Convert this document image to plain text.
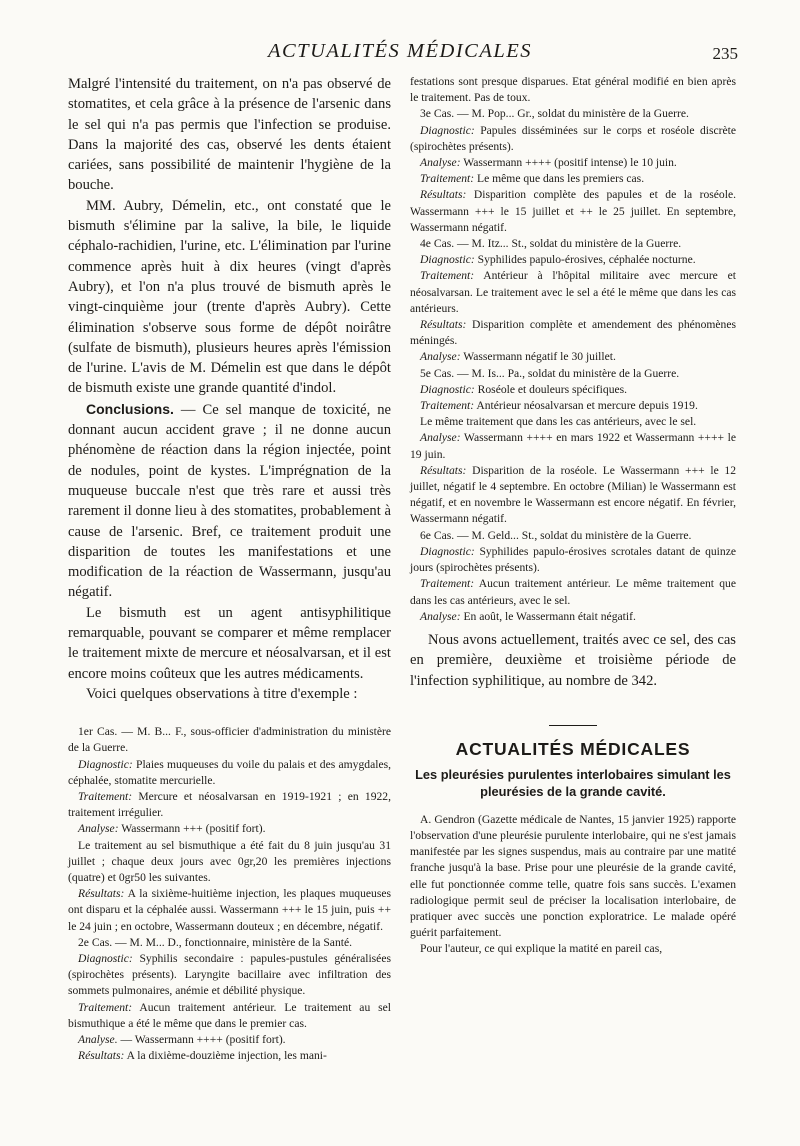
ACTUALITÉS MÉDICALES	235

Malgré l'intensité du traitement, on n'a pas observé de stomatites, et cela grâce à la présence de l'arsenic dans le sel qui n'a pas permis que l'infection se produise. Dans la majorité des cas, observé les dents étaient cariées, sans possibilité de maintenir l'hygiène de la bouche.

MM. Aubry, Démelin, etc., ont constaté que le bismuth s'élimine par la salive, la bile, le liquide céphalo-rachidien, l'urine, etc. L'élimination par l'urine commence après huit à dix heures (vingt d'après Aubry), et l'on n'a plus trouvé de bismuth après le vingt-cinquième jour (trente d'après Aubry). Cette élimination s'observe sous forme de dépôt noirâtre (sulfate de bismuth), plusieurs heures après l'émission de l'urine. L'avis de M. Démelin est que dans le dépôt de bismuth existe une grande quantité d'indol.

Conclusions. — Ce sel manque de toxicité, ne donnant aucun accident grave ; il ne donne aucun phénomène de réaction dans la région injectée, point de nodules, point de kystes. L'imprégnation de la muqueuse buccale n'est que très rare et aussi très rarement il donne lieu à des stomatites, probablement à cause de l'arsenic. Bref, ce traitement produit une disparition de toutes les manifestations et une modification de la réaction de Wassermann, jusqu'au négatif.

Le bismuth est un agent antisyphilitique remarquable, pouvant se comparer et même remplacer le traitement mixte de mercure et néosalvarsan, et il est encore moins coûteux que les autres médicaments.

Voici quelques observations à titre d'exemple :

1er Cas. — M. B... F., sous-officier d'administration du ministère de la Guerre.

Diagnostic: Plaies muqueuses du voile du palais et des amygdales, céphalée, stomatite mercurielle.

Traitement: Mercure et néosalvarsan en 1919-1921 ; en 1922, traitement irrégulier.

Analyse: Wassermann +++ (positif fort).

Le traitement au sel bismuthique a été fait du 8 juin jusqu'au 31 juillet ; chaque deux jours avec 0gr,20 les premières injections (quatre) et 0gr50 les suivantes.

Résultats: A la sixième-huitième injection, les plaques muqueuses ont disparu et la céphalée aussi. Wassermann +++ le 15 juin, puis ++ le 24 juin ; en octobre, Wassermann douteux ; en décembre, négatif.

2e Cas. — M. M... D., fonctionnaire, ministère de la Santé.

Diagnostic: Syphilis secondaire : papules-pustules généralisées (spirochètes présents). Laryngite bacillaire avec infiltration des sommets pulmonaires, anémie et débilité physique.

Traitement: Aucun traitement antérieur. Le traitement au sel bismuthique a été le même que dans le premier cas.

Analyse. — Wassermann ++++ (positif fort).

Résultats: A la dixième-douzième injection, les mani-

festations sont presque disparues. Etat général modifié en bien après le traitement. Pas de toux.

3e Cas. — M. Pop... Gr., soldat du ministère de la Guerre.

Diagnostic: Papules disséminées sur le corps et roséole discrète (spirochètes présents).

Analyse: Wassermann ++++ (positif intense) le 10 juin.

Traitement: Le même que dans les premiers cas.

Résultats: Disparition complète des papules et de la roséole. Wassermann +++ le 15 juillet et ++ le 25 juillet. En septembre, Wassermann négatif.

4e Cas. — M. Itz... St., soldat du ministère de la Guerre.

Diagnostic: Syphilides papulo-érosives, céphalée nocturne.

Traitement: Antérieur à l'hôpital militaire avec mercure et néosalvarsan. Le traitement avec le sel a été le même que dans les cas antérieurs.

Résultats: Disparition complète et amendement des phénomènes méningés.

Analyse: Wassermann négatif le 30 juillet.

5e Cas. — M. Is... Pa., soldat du ministère de la Guerre.

Diagnostic: Roséole et douleurs spécifiques.

Traitement: Antérieur néosalvarsan et mercure depuis 1919.

Le même traitement que dans les cas antérieurs, avec le sel.

Analyse: Wassermann ++++ en mars 1922 et Wassermann ++++ le 19 juin.

Résultats: Disparition de la roséole. Le Wassermann +++ le 12 juillet, négatif le 4 septembre. En octobre (Milian) le Wassermann est négatif, et en novembre le Wassermann est encore négatif. En février, Wassermann négatif.

6e Cas. — M. Geld... St., soldat du ministère de la Guerre.

Diagnostic: Syphilides papulo-érosives scrotales datant de quinze jours (spirochètes présents).

Traitement: Aucun traitement antérieur. Le même traitement que dans les cas antérieurs, avec le sel.

Analyse: En août, le Wassermann était négatif.

Nous avons actuellement, traités avec ce sel, des cas en première, deuxième et troisième période de l'infection syphilitique, au nombre de 342.

ACTUALITÉS MÉDICALES
Les pleurésies purulentes interlobaires simulant les pleurésies de la grande cavité.

A. Gendron (Gazette médicale de Nantes, 15 janvier 1925) rapporte l'observation d'une pleurésie purulente interlobaire, qui ne s'est jamais manifestée par les signes suspendus, mais au contraire par une matité franche jusqu'à la base. Prise pour une pleurésie de la grande cavité, elle fut ponctionnée comme telle, quatre fois sans succès. L'examen radiologique permit seul de préciser la localisation interlobaire, de pratiquer avec succès une ponction exploratrice. Le malade opéré guérit parfaitement.

Pour l'auteur, ce qui explique la matité en pareil cas,
